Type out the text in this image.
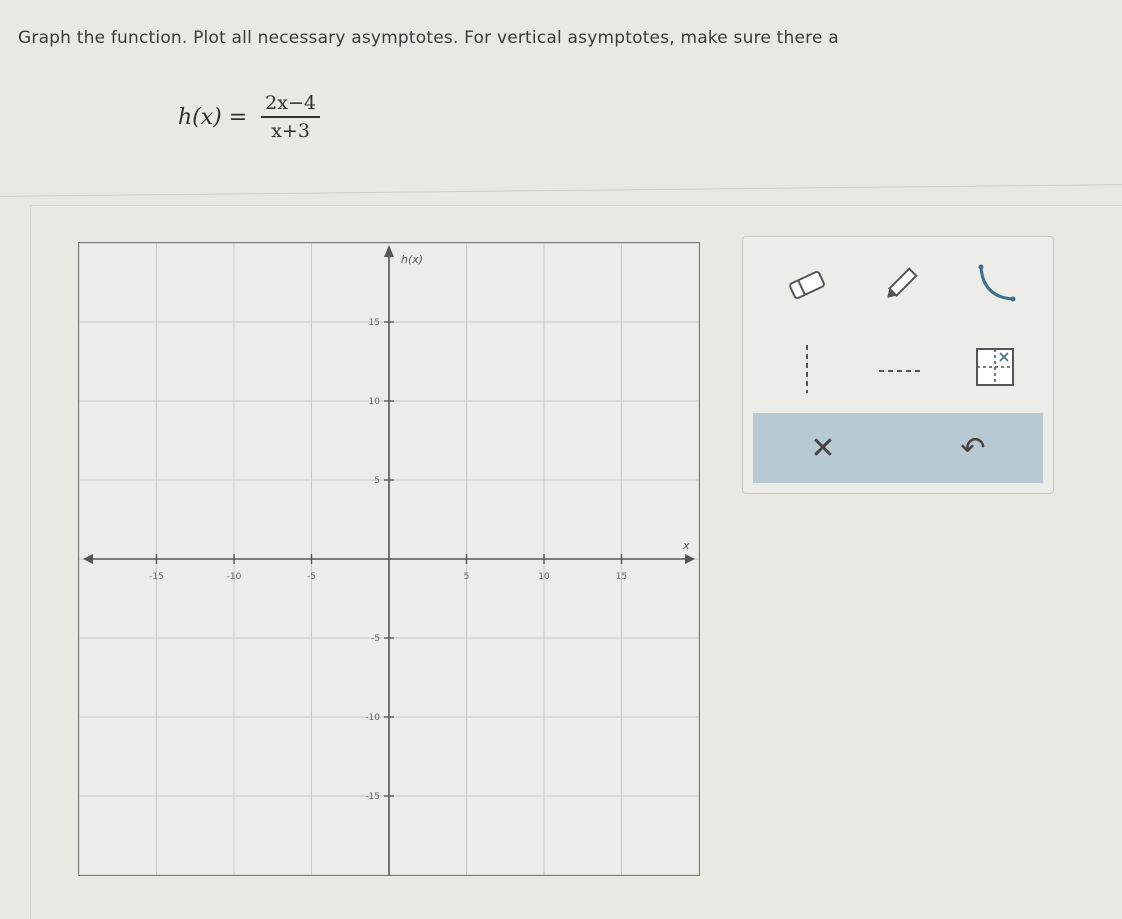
Graph the function. Plot all necessary asymptotes. For vertical asymptotes, make sure there a
$h(x) = \frac{2x-4}{x+3}$
h(x)
x
-15	-10	-5	5	10	15
15
10
5
-5
-10
-15
✕	↶
